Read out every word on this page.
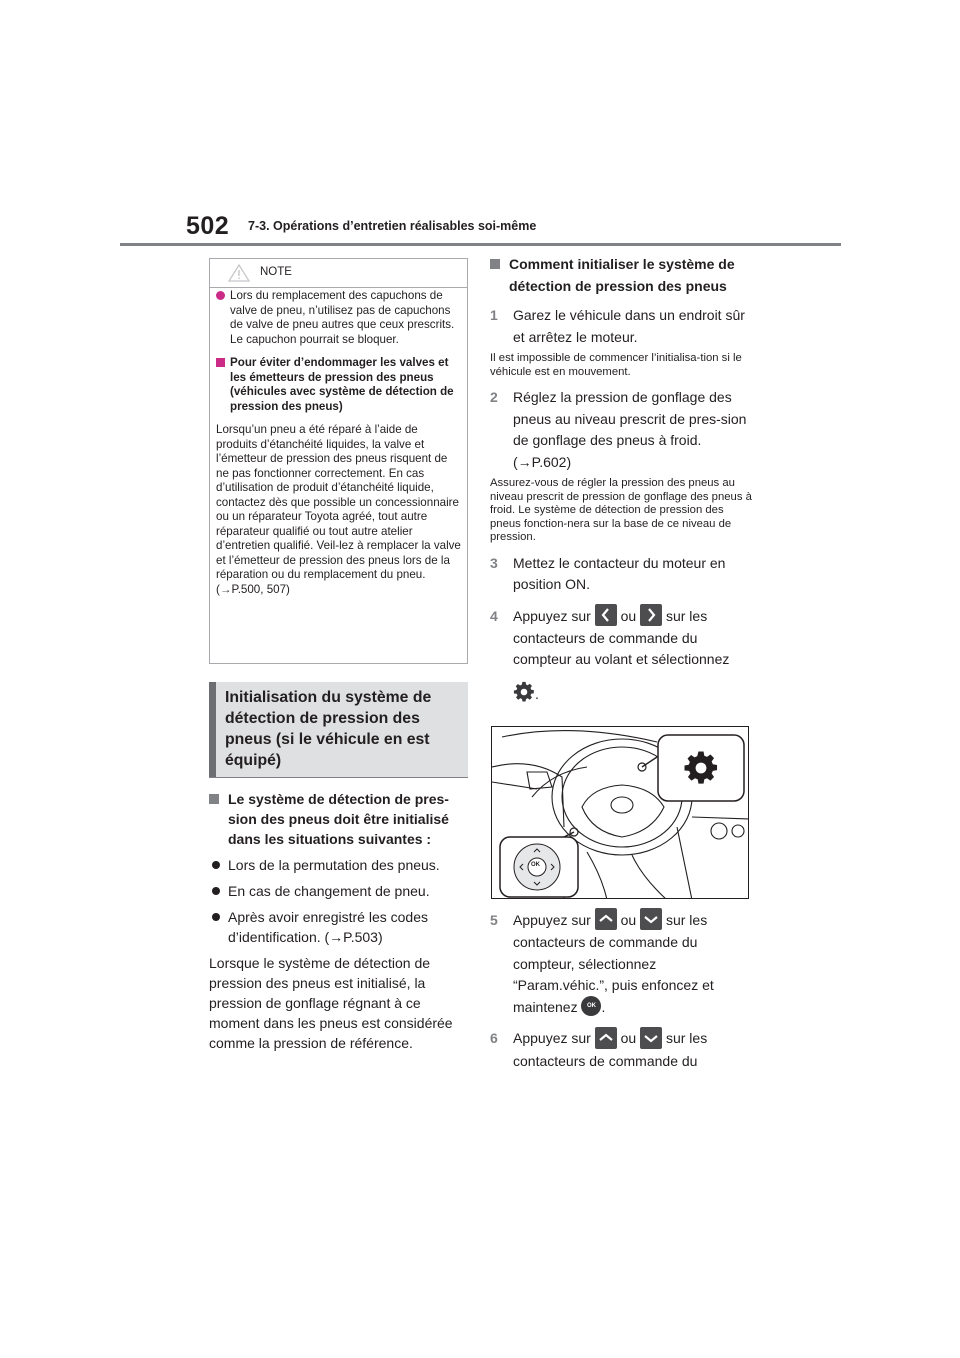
502 7-3. Opérations d’entretien réalisables soi-même
NOTE
Lors du remplacement des capuchons de valve de pneu, n’utilisez pas de capuchons de valve de pneu autres que ceux prescrits.
Le capuchon pourrait se bloquer.
Pour éviter d’endommager les valves et les émetteurs de pression des pneus (véhicules avec système de détection de pression des pneus)
Lorsqu’un pneu a été réparé à l’aide de produits d’étanchéité liquides, la valve et l’émetteur de pression des pneus risquent de ne pas fonctionner correctement. En cas d’utilisation de produit d’étanchéité liquide, contactez dès que possible un concessionnaire ou un réparateur Toyota agréé, tout autre réparateur qualifié ou tout autre atelier d’entretien qualifié. Veil-lez à remplacer la valve et l’émetteur de pression des pneus lors de la réparation ou du remplacement du pneu. (→P.500, 507)
Initialisation du système de détection de pression des pneus (si le véhicule en est équipé)
Le système de détection de pres-sion des pneus doit être initialisé dans les situations suivantes :
Lors de la permutation des pneus.
En cas de changement de pneu.
Après avoir enregistré les codes d’identification. (→P.503)
Lorsque le système de détection de pression des pneus est initialisé, la pression de gonflage régnant à ce moment dans les pneus est considérée comme la pression de référence.
Comment initialiser le système de détection de pression des pneus
1 Garez le véhicule dans un endroit sûr et arrêtez le moteur.
Il est impossible de commencer l’initialisa-tion si le véhicule est en mouvement.
2 Réglez la pression de gonflage des pneus au niveau prescrit de pres-sion de gonflage des pneus à froid. (→P.602)
Assurez-vous de régler la pression des pneus au niveau prescrit de pression de gonflage des pneus à froid. Le système de détection de pression des pneus fonction-nera sur la base de ce niveau de pression.
3 Mettez le contacteur du moteur en position ON.
4 Appuyez sur ou sur les contacteurs de commande du compteur au volant et sélectionnez
.
OK
5 Appuyez sur ou sur les contacteurs de commande du compteur, sélectionnez “Param.véhic.”, puis enfoncez et maintenez OK .
6 Appuyez sur ou sur les contacteurs de commande du
